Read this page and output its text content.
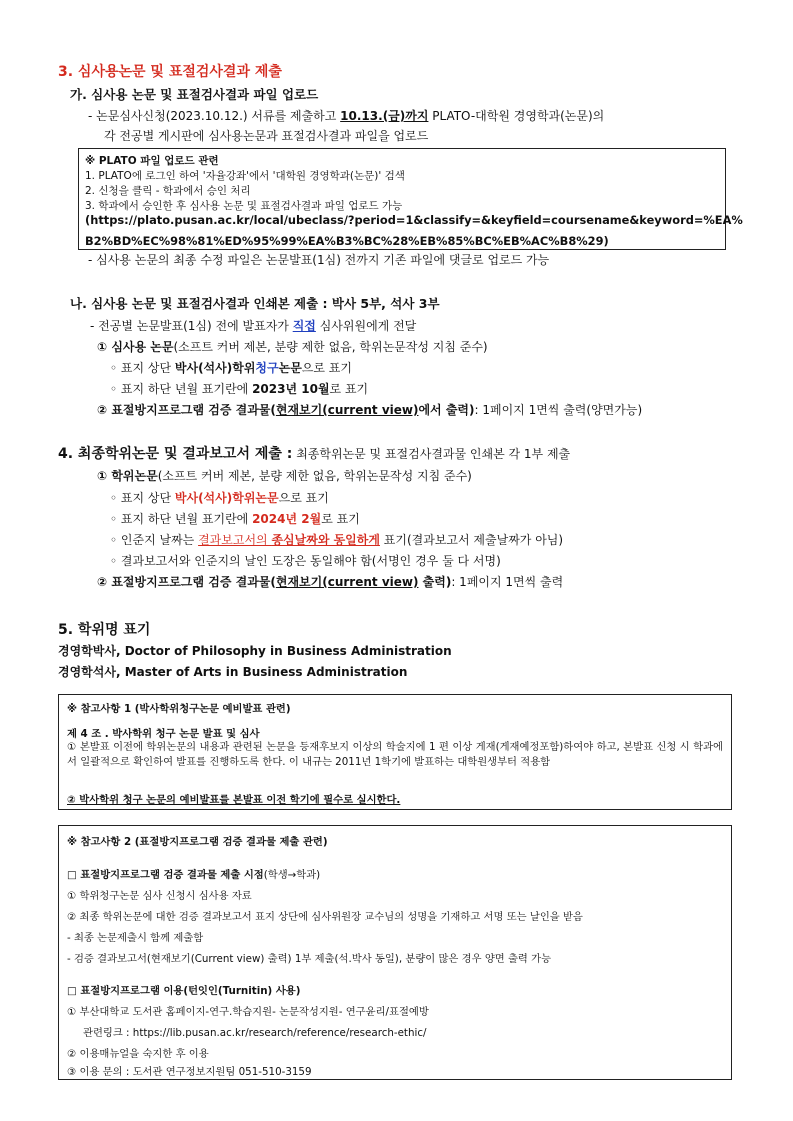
3. 심사용논문 및 표절검사결과 제출
가. 심사용 논문 및 표절검사결과 파일 업로드
- 논문심사신청(2023.10.12.) 서류를 제출하고 10.13.(금)까지 PLATO-대학원 경영학과(논문)의
각 전공별 게시판에 심사용논문과 표절검사결과 파일을 업로드
※ PLATO 파일 업로드 관련
1. PLATO에 로그인 하여 '자율강좌'에서 '대학원 경영학과(논문)' 검색
2. 신청을 클릭 - 학과에서 승인 처리
3. 학과에서 승인한 후 심사용 논문 및 표절검사결과 파일 업로드 가능
(https://plato.pusan.ac.kr/local/ubeclass/?period=1&classify=&keyfield=coursename&keyword=%EA%
B2%BD%EC%98%81%ED%95%99%EA%B3%BC%28%EB%85%BC%EB%AC%B8%29)
- 심사용 논문의 최종 수정 파일은 논문발표(1심) 전까지 기존 파일에 댓글로 업로드 가능
나. 심사용 논문 및 표절검사결과 인쇄본 제출 : 박사 5부, 석사 3부
- 전공별 논문발표(1심) 전에 발표자가 직접 심사위원에게 전달
① 심사용 논문(소프트 커버 제본, 분량 제한 없음, 학위논문작성 지침 준수)
◦ 표지 상단 박사(석사)학위청구논문으로 표기
◦ 표지 하단 년월 표기란에 2023년 10월로 표기
② 표절방지프로그램 검증 결과물(현재보기(current view)에서 출력): 1페이지 1면씩 출력(양면가능)
4. 최종학위논문 및 결과보고서 제출 : 최종학위논문 및 표절검사결과물 인쇄본 각 1부 제출
① 학위논문(소프트 커버 제본, 분량 제한 없음, 학위논문작성 지침 준수)
◦ 표지 상단 박사(석사)학위논문으로 표기
◦ 표지 하단 년월 표기란에 2024년 2월로 표기
◦ 인준지 날짜는 결과보고서의 종심날짜와 동일하게 표기(결과보고서 제출날짜가 아님)
◦ 결과보고서와 인준지의 날인 도장은 동일해야 함(서명인 경우 둘 다 서명)
② 표절방지프로그램 검증 결과물(현재보기(current view) 출력): 1페이지 1면씩 출력
5. 학위명 표기
경영학박사, Doctor of Philosophy in Business Administration
경영학석사, Master of Arts in Business Administration
※ 참고사항 1 (박사학위청구논문 예비발표 관련)
제 4 조 . 박사학위 청구 논문 발표 및 심사
① 본발표 이전에 학위논문의 내용과 관련된 논문을 등재후보지 이상의 학술지에 1 편 이상 게재(게재예정포함)하여야 하고, 본발표 신청 시 학과에서 일괄적으로 확인하여 발표를 진행하도록 한다. 이 내규는 2011년 1학기에 발표하는 대학원생부터 적용함
② 박사학위 청구 논문의 예비발표를 본발표 이전 학기에 필수로 실시한다.
※ 참고사항 2 (표절방지프로그램 검증 결과물 제출 관련)
□ 표절방지프로그램 검증 결과물 제출 시점(학생→학과)
① 학위청구논문 심사 신청시 심사용 자료
② 최종 학위논문에 대한 검증 결과보고서 표지 상단에 심사위원장 교수님의 성명을 기재하고 서명 또는 날인을 받음
- 최종 논문제출시 함께 제출함
- 검증 결과보고서(현재보기(Current view) 출력) 1부 제출(석.박사 동일), 분량이 많은 경우 양면 출력 가능
□ 표절방지프로그램 이용(턴잇인(Turnitin) 사용)
① 부산대학교 도서관 홈페이지-연구.학습지원- 논문작성지원- 연구윤리/표절예방
관련링크 : https://lib.pusan.ac.kr/research/reference/research-ethic/
② 이용매뉴얼을 숙지한 후 이용
③ 이용 문의 : 도서관 연구정보지원팀 051-510-3159
